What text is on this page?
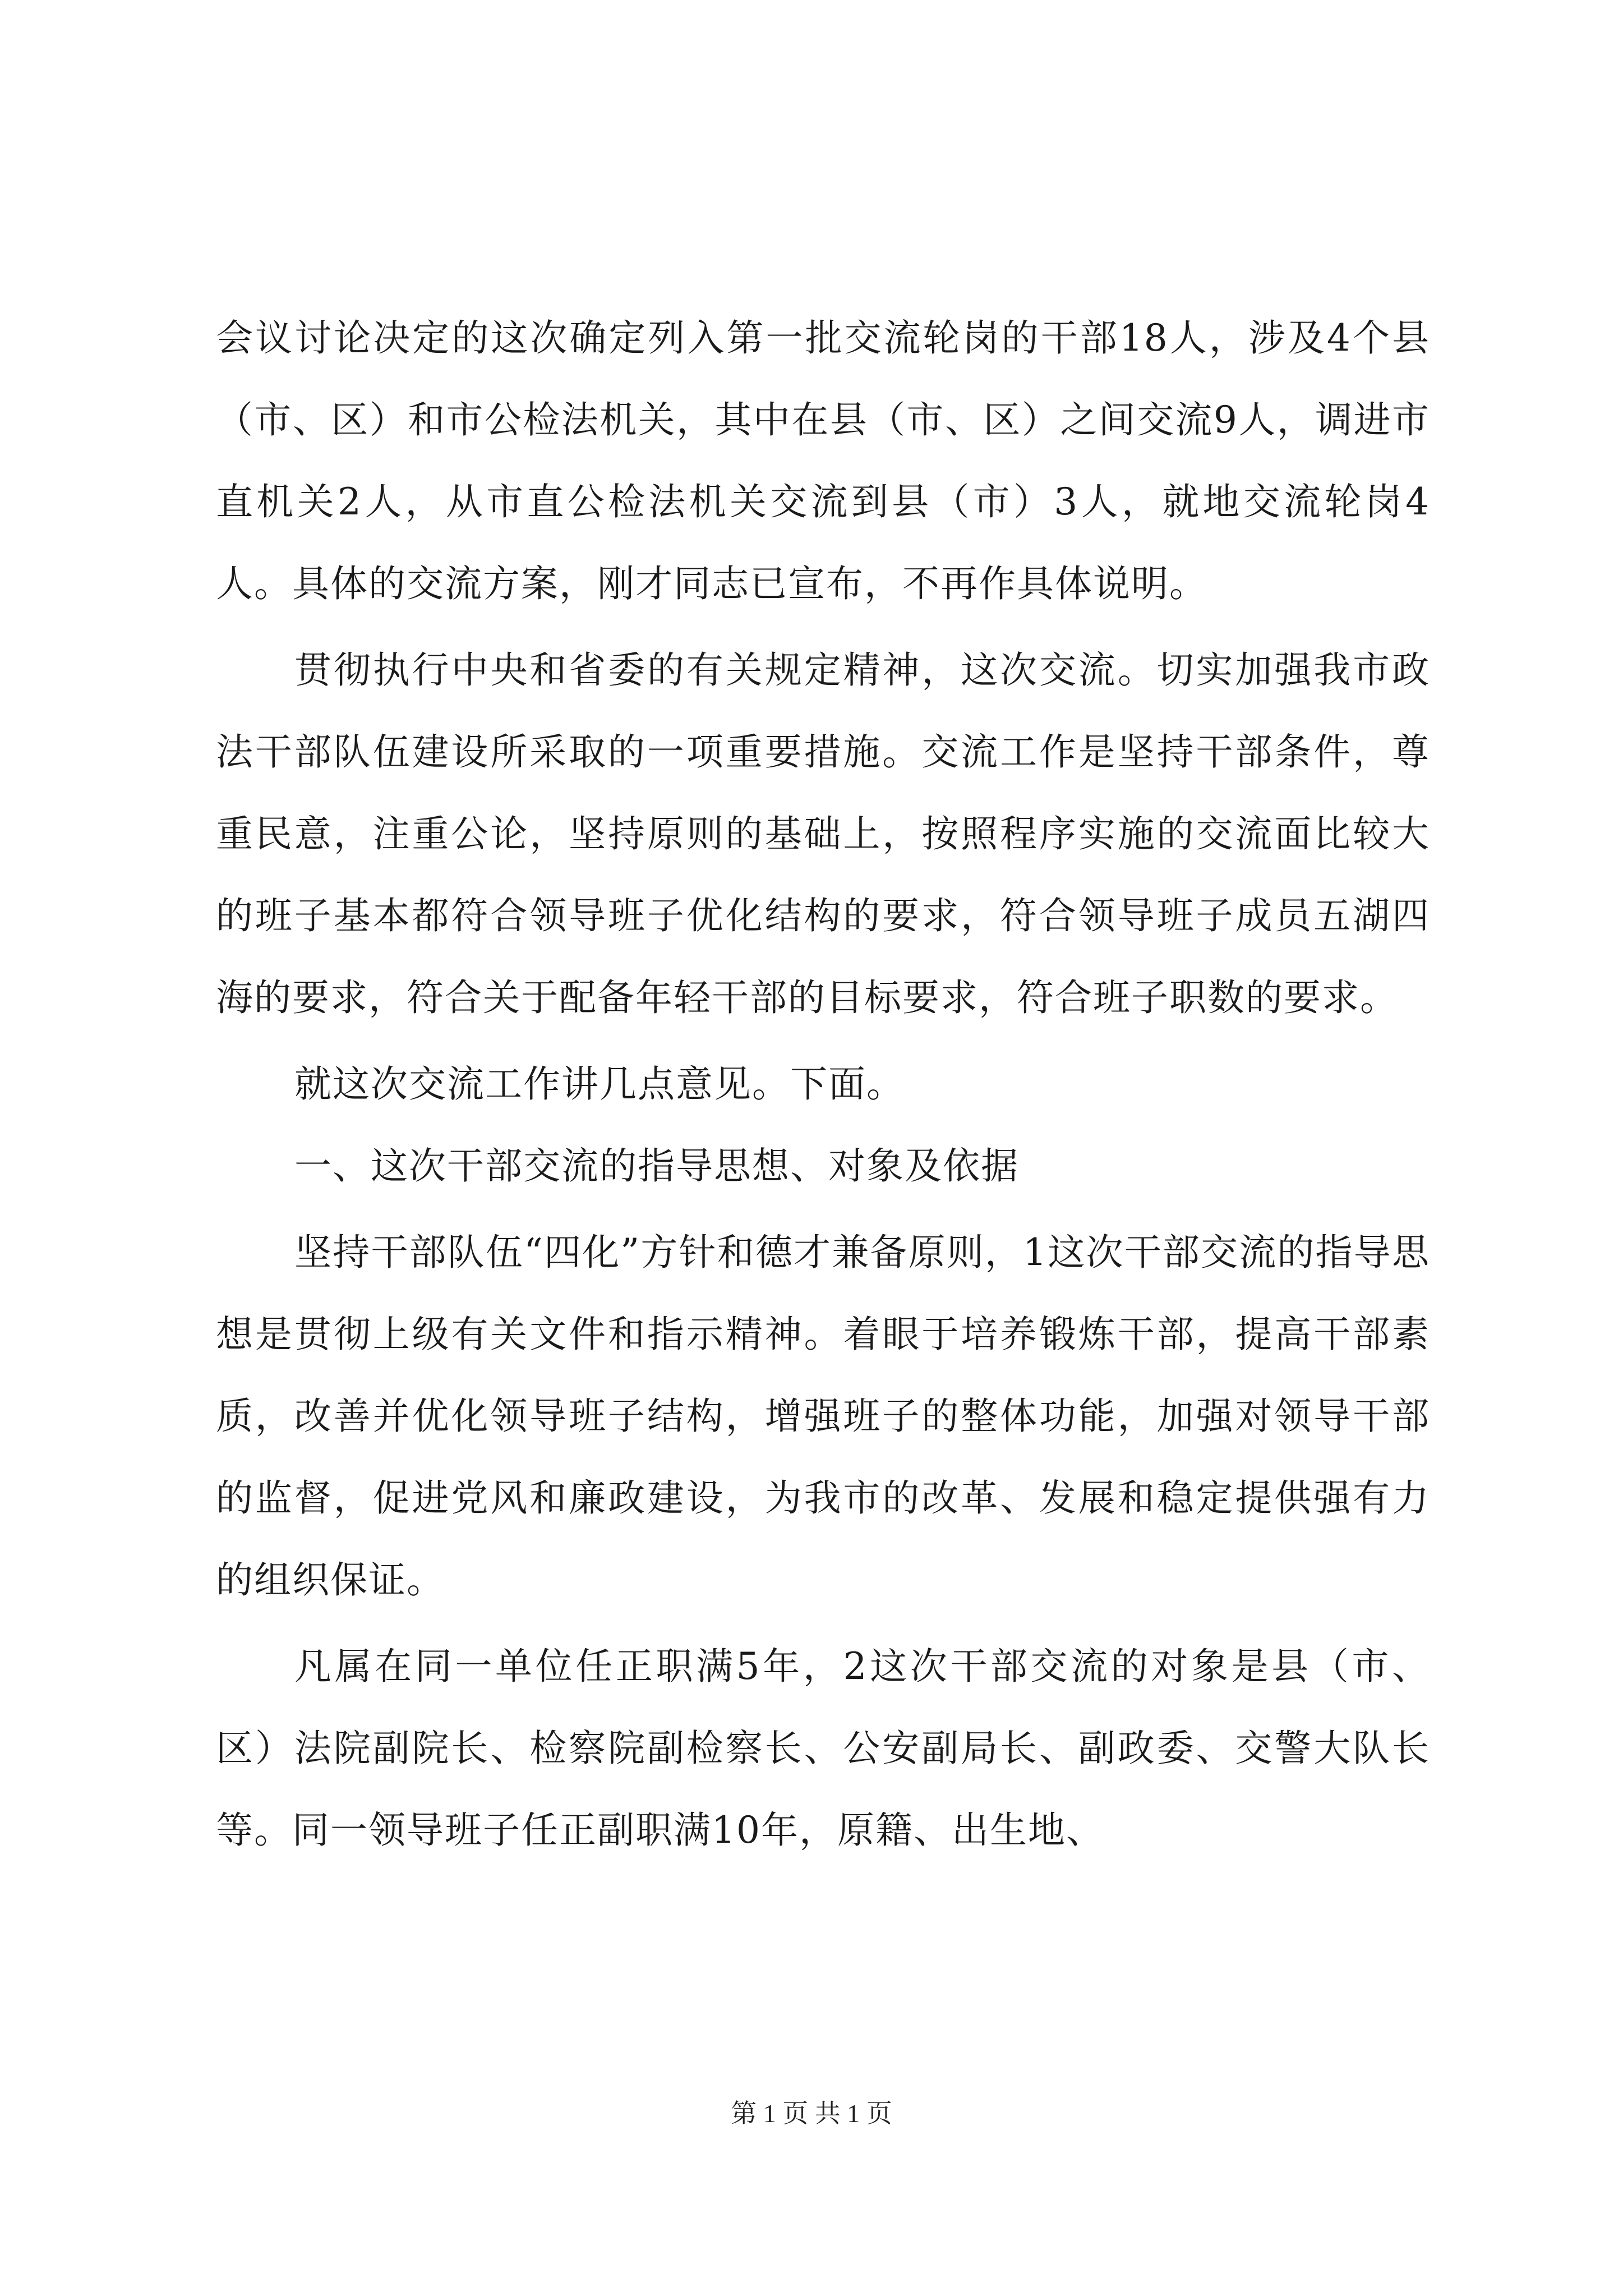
会议讨论决定的这次确定列入第一批交流轮岗的干部18人，涉及4个县（市、区）和市公检法机关，其中在县（市、区）之间交流9人，调进市直机关2人，从市直公检法机关交流到县（市）3人，就地交流轮岗4人。具体的交流方案，刚才同志已宣布，不再作具体说明。

贯彻执行中央和省委的有关规定精神，这次交流。切实加强我市政法干部队伍建设所采取的一项重要措施。交流工作是坚持干部条件，尊重民意，注重公论，坚持原则的基础上，按照程序实施的交流面比较大的班子基本都符合领导班子优化结构的要求，符合领导班子成员五湖四海的要求，符合关于配备年轻干部的目标要求，符合班子职数的要求。

就这次交流工作讲几点意见。下面。

一、这次干部交流的指导思想、对象及依据

坚持干部队伍“四化”方针和德才兼备原则，1这次干部交流的指导思想是贯彻上级有关文件和指示精神。着眼于培养锻炼干部，提高干部素质，改善并优化领导班子结构，增强班子的整体功能，加强对领导干部的监督，促进党风和廉政建设，为我市的改革、发展和稳定提供强有力的组织保证。

凡属在同一单位任正职满5年，2这次干部交流的对象是县（市、区）法院副院长、检察院副检察长、公安副局长、副政委、交警大队长等。同一领导班子任正副职满10年，原籍、出生地、

第 1 页 共 1 页
